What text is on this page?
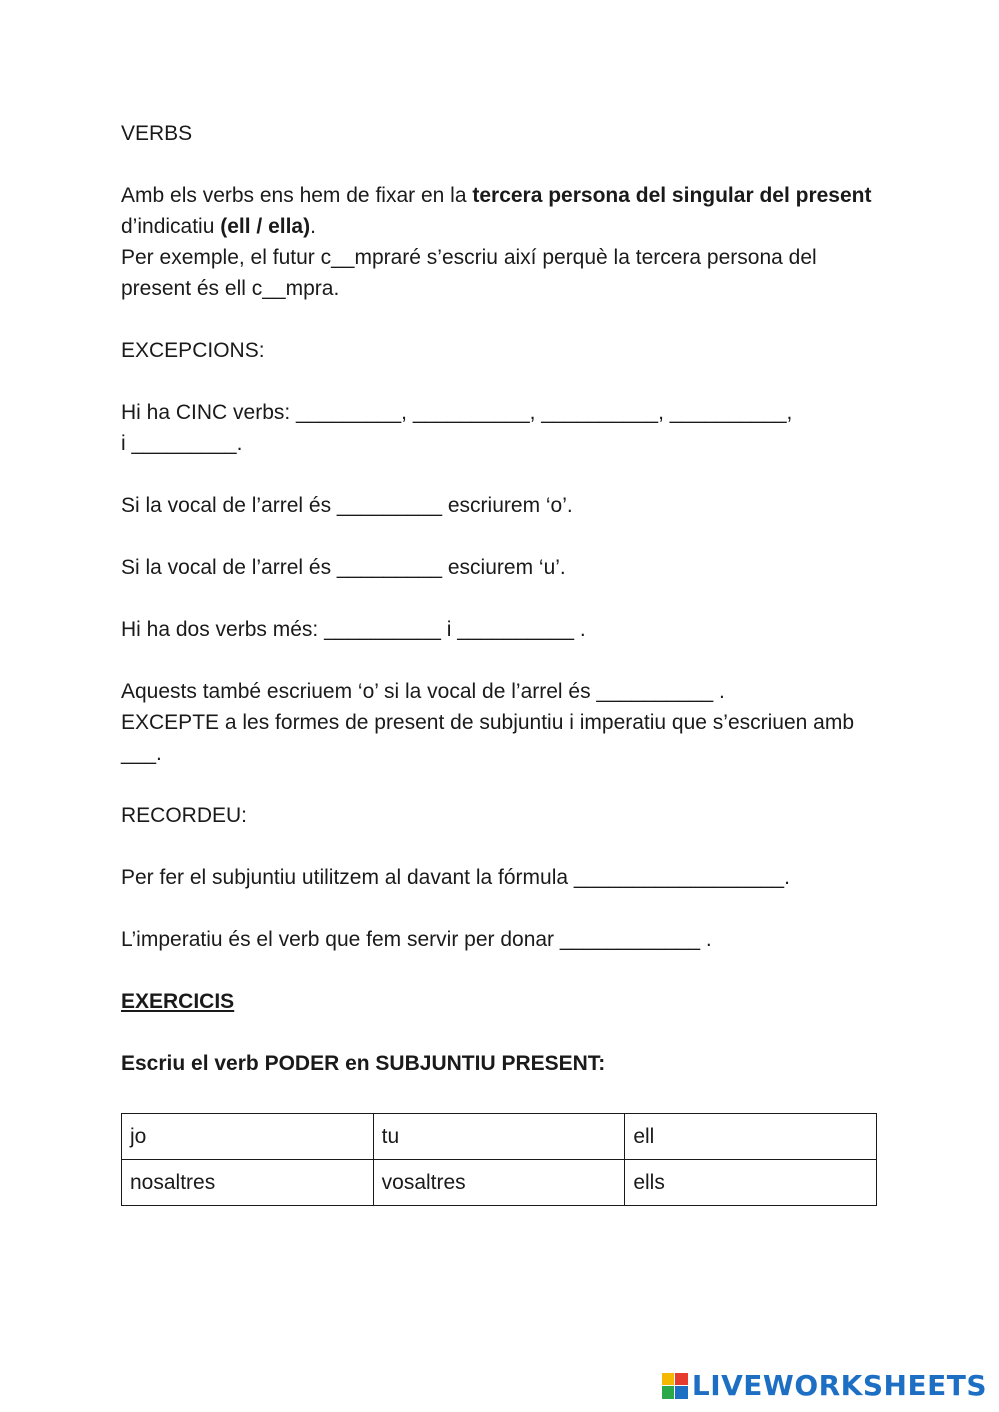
VERBS

Amb els verbs ens hem de fixar en la tercera persona del singular del present d’indicatiu (ell / ella).

Per exemple, el futur c__mpraré s’escriu així perquè la tercera persona del present és ell c__mpra.

EXCEPCIONS:

Hi ha CINC verbs: _________, __________, __________, __________,
i _________.

Si la vocal de l’arrel és _________ escriurem ‘o’.

Si la vocal de l’arrel és _________ esciurem ‘u’.

Hi ha dos verbs més: __________ i __________ .

Aquests també escriuem ‘o’ si la vocal de l’arrel és __________ .

EXCEPTE a les formes de present de subjuntiu i imperatiu que s’escriuen amb ___.

RECORDEU:

Per fer el subjuntiu utilitzem al davant la fórmula __________________.

L’imperatiu és el verb que fem servir per donar ____________ .

EXERCICIS

Escriu el verb PODER en SUBJUNTIU PRESENT:

jo	tu	ell
nosaltres	vosaltres	ells
LIVEWORKSHEETS
